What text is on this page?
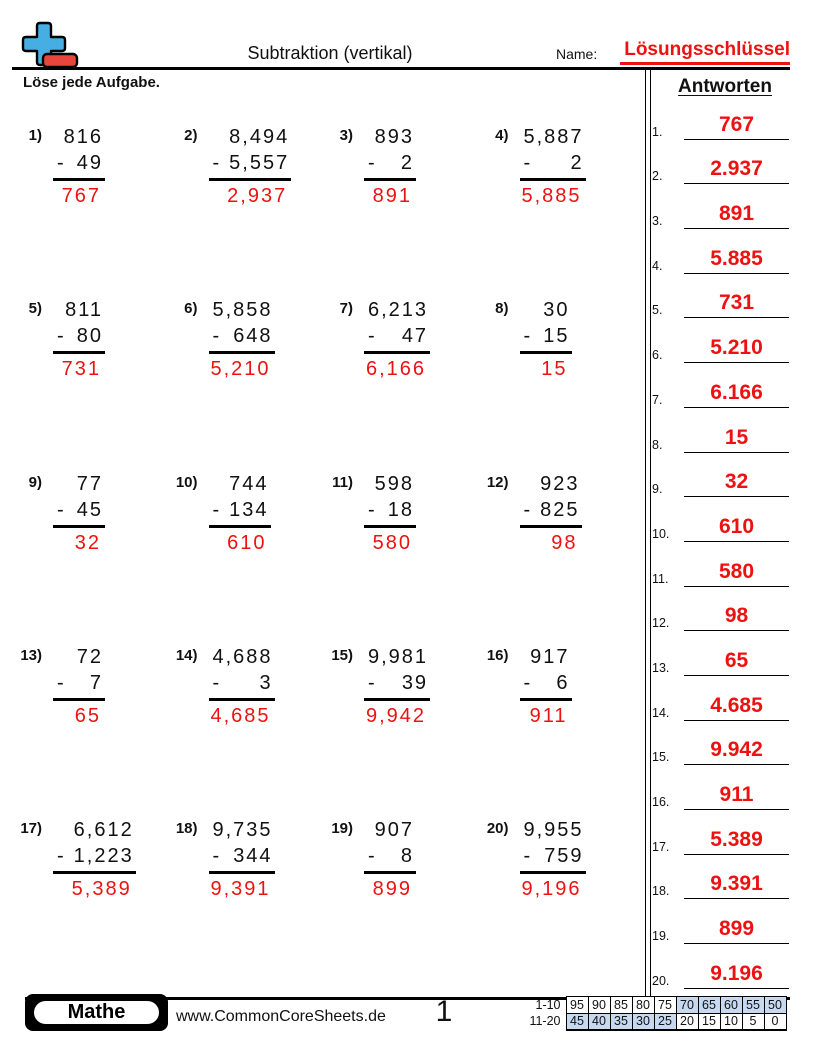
Subtraktion (vertikal)	Name: Lösungsschlüssel
Löse jede Aufgabe.
1)	816
- 49
767
2)	8,494
- 5,557
2,937
3)	893
- 2
891
4) 5,887
- 2
5,885
5)	811
- 80
731
6) 5,858
- 648
5,210
7) 6,213
- 47
6,166
8)	30
- 15
15
9)	77
- 45
32
10)	744
- 134
610
11)	598
- 18
580
12)	923
- 825
98
13)	72
- 7
65
14) 4,688
- 3
4,685
15) 9,981
- 39
9,942
16)	917
- 6
911
17)	6,612
- 1,223
5,389
18) 9,735
- 344
9,391
19)	907
- 8
899
20) 9,955
- 759
9,196
Antworten
1.	767
2.	2.937
3.	891
4.	5.885
5.	731
6.	5.210
7.	6.166
8.	15
9.	32
10.	610
11.	580
12.	98
13.	65
14.	4.685
15.	9.942
16.	911
17.	5.389
18.	9.391
19.	899
20.	9.196
Mathe	www.CommonCoreSheets.de	1	1-10	95	90	85	80	75	70	65	60	55	50
11-20	45	40	35	30	25	20	15	10	5	0
